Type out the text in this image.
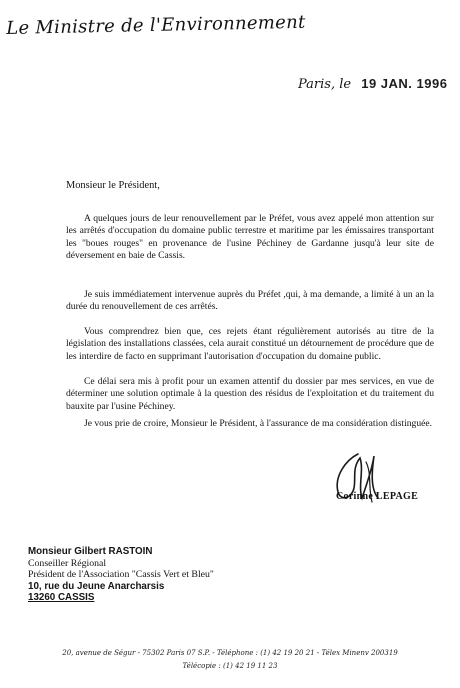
Le Ministre de l'Environnement
Paris, le 19 JAN. 1996
Monsieur le Président,

A quelques jours de leur renouvellement par le Préfet, vous avez appelé mon attention sur les arrêtés d'occupation du domaine public terrestre et maritime par les émissaires transportant les "boues rouges" en provenance de l'usine Péchiney de Gardanne jusqu'à leur site de déversement en baie de Cassis.

Je suis immédiatement intervenue auprès du Préfet ,qui, à ma demande, a limité à un an la durée du renouvellement de ces arrêtés.

Vous comprendrez bien que, ces rejets étant régulièrement autorisés au titre de la législation des installations classées, cela aurait constitué un détournement de procédure que de les interdire de facto en supprimant l'autorisation d'occupation du domaine public.

Ce délai sera mis à profit pour un examen attentif du dossier par mes services, en vue de déterminer une solution optimale à la question des résidus de l'exploitation et du traitement du bauxite par l'usine Péchiney.

Je vous prie de croire, Monsieur le Président, à l'assurance de ma considération distinguée.

Corinne LEPAGE
Monsieur Gilbert RASTOIN
Conseiller Régional
Président de l'Association "Cassis Vert et Bleu"
10, rue du Jeune Anarcharsis
13260 CASSIS
20, avenue de Ségur - 75302 Paris 07 S.P. - Téléphone : (1) 42 19 20 21 - Télex Minenv 200319
Télécopie : (1) 42 19 11 23
